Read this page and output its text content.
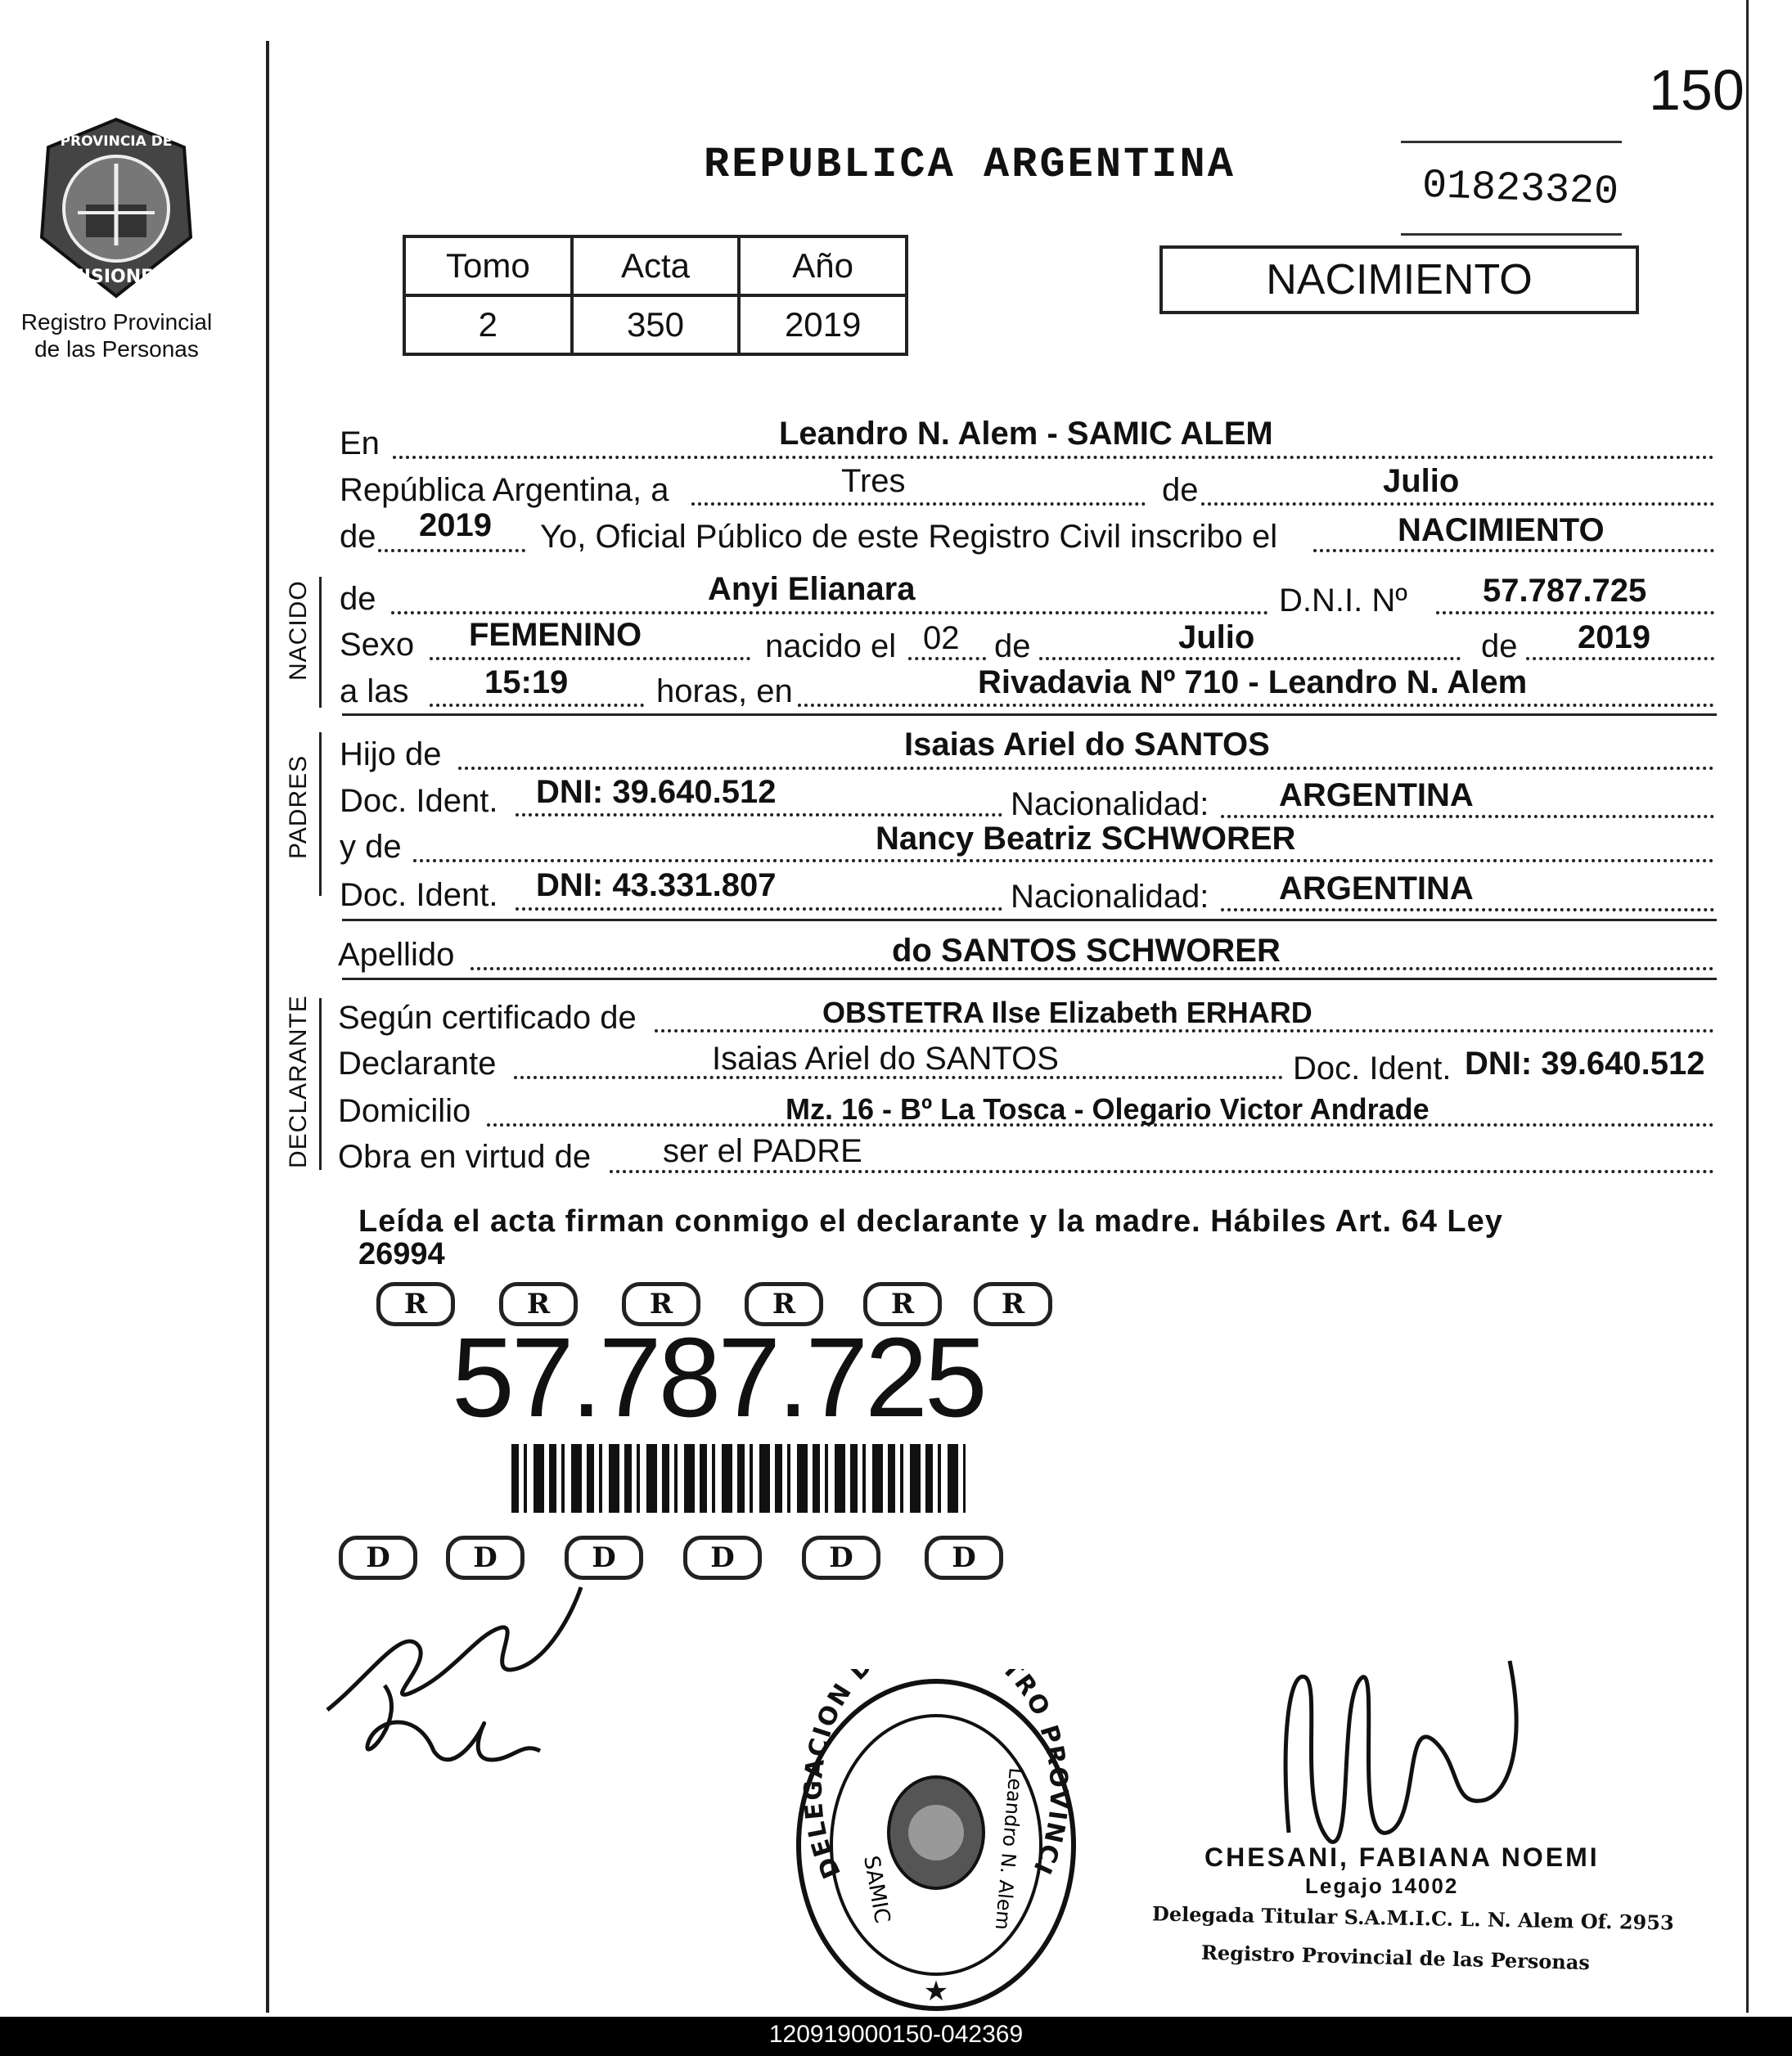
150
PROVINCIA DE
MISIONES
Registro Provincial
de las Personas
REPUBLICA ARGENTINA	01823320
Tomo	Acta	Año
2	350	2019
NACIMIENTO
NACIDO
PADRES
DECLARANTE
En	Leandro N. Alem - SAMIC ALEM
República Argentina, a	Tres	de	Julio
de 2019 Yo, Oficial Público de este Registro Civil inscribo el	NACIMIENTO
de	Anyi Elianara	D.N.I. Nº 57.787.725
Sexo FEMENINO	nacido el 02 de	Julio	de 2019
a las 15:19	horas, en	Rivadavia Nº 710 - Leandro N. Alem
Hijo de	Isaias Ariel do SANTOS
Doc. Ident. DNI: 39.640.512	Nacionalidad: ARGENTINA
y de	Nancy Beatriz SCHWORER
Doc. Ident. DNI: 43.331.807	Nacionalidad: ARGENTINA
Apellido	do SANTOS SCHWORER
Según certificado de	OBSTETRA Ilse Elizabeth ERHARD
Declarante	Isaias Ariel do SANTOS	Doc. Ident. DNI: 39.640.512
Domicilio	Mz. 16 - Bº La Tosca - Olegario Victor Andrade
Obra en virtud de ser el PADRE
Leída el acta firman conmigo el declarante y la madre. Hábiles Art. 64 Ley
26994
R	R	R	R	R	R
57.787.725
D	D	D	D	D	D
DELEGACION TRO PROVINCI
SAMIC	Leandro N. Alem
★
CHESANI, FABIANA NOEMI
Legajo 14002
Delegada Titular S.A.M.I.C. L. N. Alem Of. 2953
Registro Provincial de las Personas
120919000150-042369
